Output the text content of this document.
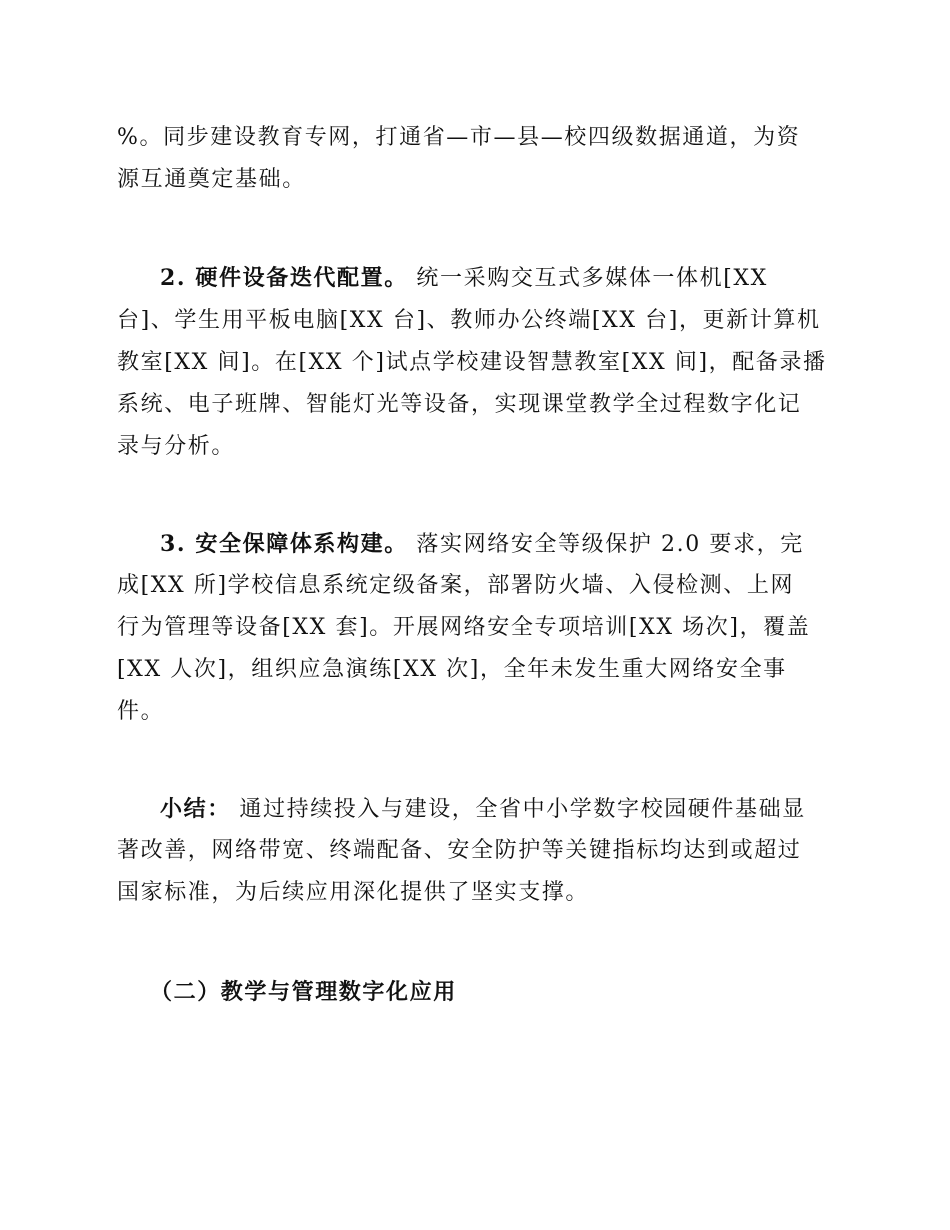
%。同步建设教育专网，打通省—市—县—校四级数据通道，为资
源互通奠定基础。
2. 硬件设备迭代配置。 统一采购交互式多媒体一体机[XX
台]、学生用平板电脑[XX 台]、教师办公终端[XX 台]，更新计算机
教室[XX 间]。在[XX 个]试点学校建设智慧教室[XX 间]，配备录播
系统、电子班牌、智能灯光等设备，实现课堂教学全过程数字化记
录与分析。
3. 安全保障体系构建。 落实网络安全等级保护 2.0 要求，完
成[XX 所]学校信息系统定级备案，部署防火墙、入侵检测、上网
行为管理等设备[XX 套]。开展网络安全专项培训[XX 场次]，覆盖
[XX 人次]，组织应急演练[XX 次]，全年未发生重大网络安全事
件。
小结： 通过持续投入与建设，全省中小学数字校园硬件基础显
著改善，网络带宽、终端配备、安全防护等关键指标均达到或超过
国家标准，为后续应用深化提供了坚实支撑。
（二）教学与管理数字化应用
